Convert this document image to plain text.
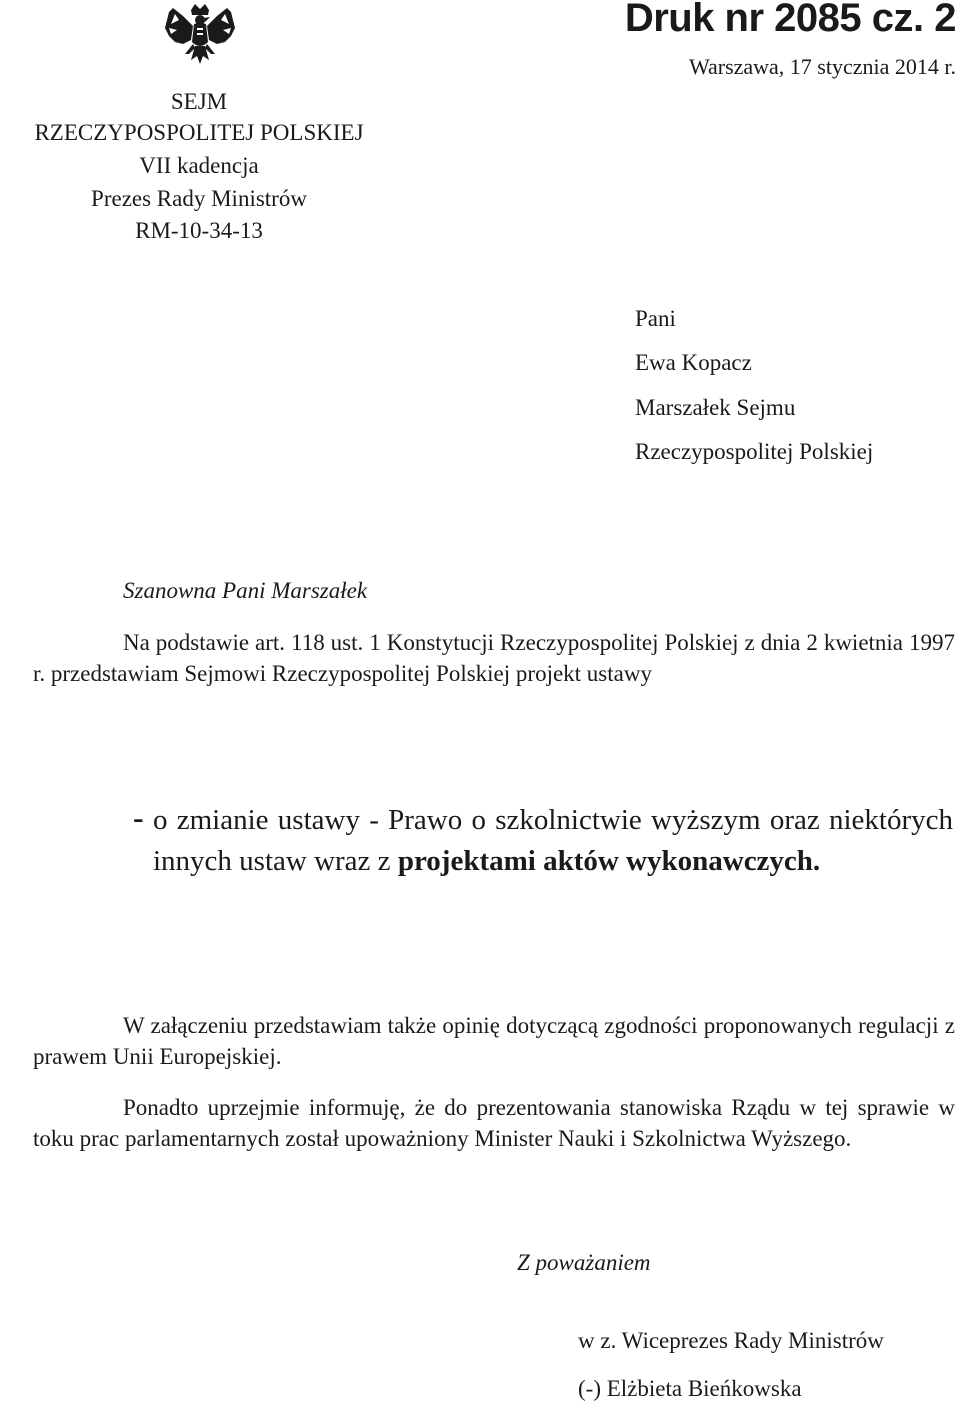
SEJM
RZECZYPOSPOLITEJ POLSKIEJ
VII kadencja
Prezes Rady Ministrów
RM-10-34-13
Druk nr 2085 cz. 2
Warszawa, 17 stycznia 2014 r.
Pani
Ewa Kopacz
Marszałek Sejmu
Rzeczypospolitej Polskiej
Szanowna Pani Marszałek
Na podstawie art. 118 ust. 1 Konstytucji Rzeczypospolitej Polskiej z dnia 2 kwietnia 1997 r. przedstawiam Sejmowi Rzeczypospolitej Polskiej projekt ustawy
- o zmianie ustawy - Prawo o szkolnictwie wyższym oraz niektórych innych ustaw wraz z projektami aktów wykonawczych.
W załączeniu przedstawiam także opinię dotyczącą zgodności proponowanych regulacji z prawem Unii Europejskiej.
Ponadto uprzejmie informuję, że do prezentowania stanowiska Rządu w tej sprawie w toku prac parlamentarnych został upoważniony Minister Nauki i Szkolnictwa Wyższego.
Z poważaniem
w z. Wiceprezes Rady Ministrów
(-) Elżbieta Bieńkowska
